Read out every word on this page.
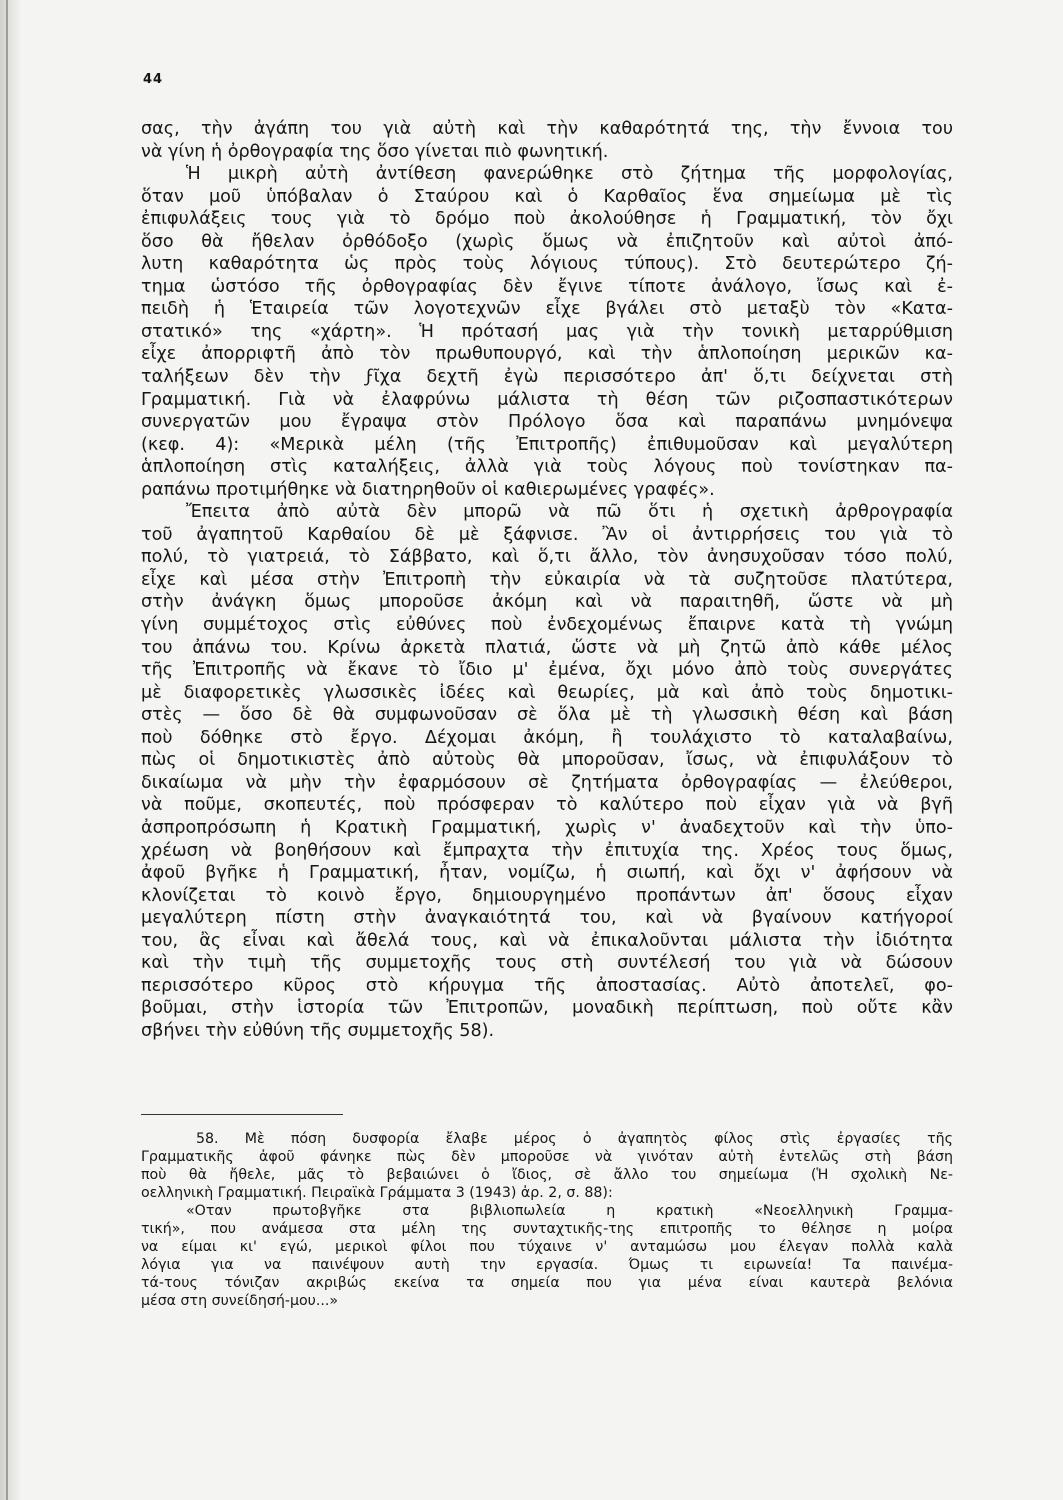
44
σας, τὴν ἀγάπη του γιὰ αὐτὴ καὶ τὴν καθαρότητά της, τὴν ἔννοια του
νὰ γίνη ἡ ὀρθογραφία της ὅσο γίνεται πιὸ φωνητική.
Ἡ μικρὴ αὐτὴ ἀντίθεση φανερώθηκε στὸ ζήτημα τῆς μορφολογίας,
ὅταν μοῦ ὑπόβαλαν ὁ Σταύρου καὶ ὁ Καρθαῖος ἕνα σημείωμα μὲ τὶς
ἐπιφυλάξεις τους γιὰ τὸ δρόμο ποὺ ἀκολούθησε ἡ Γραμματική, τὸν ὄχι
ὅσο θὰ ἤθελαν ὀρθόδοξο (χωρὶς ὅμως νὰ ἐπιζητοῦν καὶ αὐτοὶ ἀπό-
λυτη καθαρότητα ὡς πρὸς τοὺς λόγιους τύπους). Στὸ δευτερώτερο ζή-
τημα ὡστόσο τῆς ὀρθογραφίας δὲν ἔγινε τίποτε ἀνάλογο, ἴσως καὶ ἐ-
πειδὴ ἡ Ἑταιρεία τῶν λογοτεχνῶν εἶχε βγάλει στὸ μεταξὺ τὸν «Κατα-
στατικό» της «χάρτη». Ἡ πρότασή μας γιὰ τὴν τονικὴ μεταρρύθμιση
εἶχε ἀπορριφτῆ ἀπὸ τὸν πρωθυπουργό, καὶ τὴν ἁπλοποίηση μερικῶν κα-
ταλήξεων δὲν τὴν ϝῖχα δεχτῆ ἐγὼ περισσότερο ἀπ' ὅ,τι δείχνεται στὴ
Γραμματική. Γιὰ νὰ ἐλαφρύνω μάλιστα τὴ θέση τῶν ριζοσπαστικότερων
συνεργατῶν μου ἔγραψα στὸν Πρόλογο ὅσα καὶ παραπάνω μνημόνεψα
(κεφ. 4): «Μερικὰ μέλη (τῆς Ἐπιτροπῆς) ἐπιθυμοῦσαν καὶ μεγαλύτερη
ἁπλοποίηση στὶς καταλήξεις, ἀλλὰ γιὰ τοὺς λόγους ποὺ τονίστηκαν πα-
ραπάνω προτιμήθηκε νὰ διατηρηθοῦν οἱ καθιερωμένες γραφές».
Ἔπειτα ἀπὸ αὐτὰ δὲν μπορῶ νὰ πῶ ὅτι ἡ σχετικὴ ἀρθρογραφία
τοῦ ἀγαπητοῦ Καρθαίου δὲ μὲ ξάφνισε. Ἂν οἱ ἀντιρρήσεις του γιὰ τὸ
πολύ, τὸ γιατρειά, τὸ Σάββατο, καὶ ὅ,τι ἄλλο, τὸν ἀνησυχοῦσαν τόσο πολύ,
εἶχε καὶ μέσα στὴν Ἐπιτροπὴ τὴν εὐκαιρία νὰ τὰ συζητοῦσε πλατύτερα,
στὴν ἀνάγκη ὅμως μποροῦσε ἀκόμη καὶ νὰ παραιτηθῆ, ὥστε νὰ μὴ
γίνη συμμέτοχος στὶς εὐθύνες ποὺ ἐνδεχομένως ἔπαιρνε κατὰ τὴ γνώμη
του ἀπάνω του. Κρίνω ἀρκετὰ πλατιά, ὥστε νὰ μὴ ζητῶ ἀπὸ κάθε μέλος
τῆς Ἐπιτροπῆς νὰ ἔκανε τὸ ἴδιο μ' ἐμένα, ὄχι μόνο ἀπὸ τοὺς συνεργάτες
μὲ διαφορετικὲς γλωσσικὲς ἰδέες καὶ θεωρίες, μὰ καὶ ἀπὸ τοὺς δημοτικι-
στὲς — ὅσο δὲ θὰ συμφωνοῦσαν σὲ ὅλα μὲ τὴ γλωσσικὴ θέση καὶ βάση
ποὺ δόθηκε στὸ ἔργο. Δέχομαι ἀκόμη, ἢ τουλάχιστο τὸ καταλαβαίνω,
πὼς οἱ δημοτικιστὲς ἀπὸ αὐτοὺς θὰ μποροῦσαν, ἴσως, νὰ ἐπιφυλάξουν τὸ
δικαίωμα νὰ μὴν τὴν ἐφαρμόσουν σὲ ζητήματα ὀρθογραφίας — ἐλεύθεροι,
νὰ ποῦμε, σκοπευτές, ποὺ πρόσφεραν τὸ καλύτερο ποὺ εἶχαν γιὰ νὰ βγῆ
ἀσπροπρόσωπη ἡ Κρατικὴ Γραμματική, χωρὶς ν' ἀναδεχτοῦν καὶ τὴν ὑπο-
χρέωση νὰ βοηθήσουν καὶ ἔμπραχτα τὴν ἐπιτυχία της. Χρέος τους ὅμως,
ἀφοῦ βγῆκε ἡ Γραμματική, ἦταν, νομίζω, ἡ σιωπή, καὶ ὄχι ν' ἀφήσουν νὰ
κλονίζεται τὸ κοινὸ ἔργο, δημιουργημένο προπάντων ἀπ' ὅσους εἶχαν
μεγαλύτερη πίστη στὴν ἀναγκαιότητά του, καὶ νὰ βγαίνουν κατήγοροί
του, ἂς εἶναι καὶ ἄθελά τους, καὶ νὰ ἐπικαλοῦνται μάλιστα τὴν ἰδιότητα
καὶ τὴν τιμὴ τῆς συμμετοχῆς τους στὴ συντέλεσή του γιὰ νὰ δώσουν
περισσότερο κῦρος στὸ κήρυγμα τῆς ἀποστασίας. Αὐτὸ ἀποτελεῖ, φο-
βοῦμαι, στὴν ἱστορία τῶν Ἐπιτροπῶν, μοναδικὴ περίπτωση, ποὺ οὔτε κἂν
σβήνει τὴν εὐθύνη τῆς συμμετοχῆς 58).
58. Μὲ πόση δυσφορία ἔλαβε μέρος ὁ ἀγαπητὸς φίλος στὶς ἐργασίες τῆς
Γραμματικῆς ἀφοῦ φάνηκε πὼς δὲν μποροῦσε νὰ γινόταν αὐτὴ ἐντελῶς στὴ βάση
ποὺ θὰ ἤθελε, μᾶς τὸ βεβαιώνει ὁ ἴδιος, σὲ ἄλλο του σημείωμα (Ἡ σχολικὴ Νε-
οελληνικὴ Γραμματική. Πειραϊκὰ Γράμματα 3 (1943) ἀρ. 2, σ. 88):
«Οταν πρωτοβγῆκε στα βιβλιοπωλεία η κρατικὴ «Νεοελληνικὴ Γραμμα-
τική», που ανάμεσα στα μέλη της συνταχτικῆς-της επιτροπῆς το θέλησε η μοίρα
να είμαι κι' εγώ, μερικοὶ φίλοι που τύχαινε ν' ανταμώσω μου έλεγαν πολλὰ καλὰ
λόγια για να παινέψουν αυτὴ την εργασία. Όμως τι ειρωνεία! Τα παινέμα-
τά-τους τόνιζαν ακριβώς εκείνα τα σημεία που για μένα είναι καυτερὰ βελόνια
μέσα στη συνείδησή-μου...»
